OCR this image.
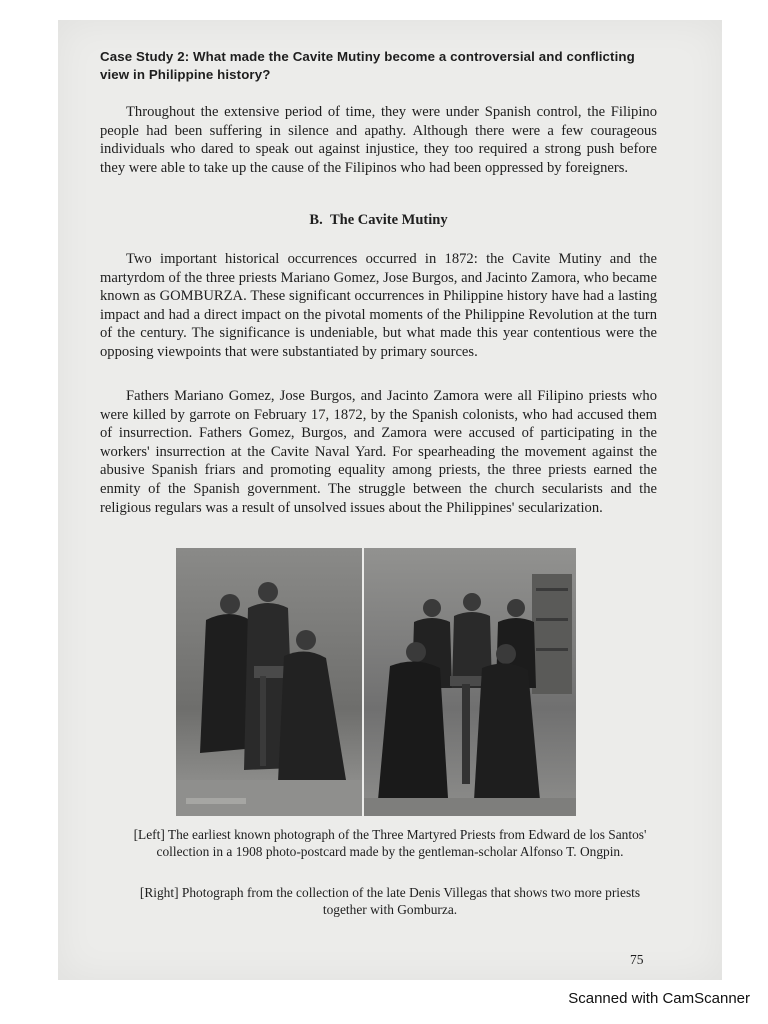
Case Study 2: What made the Cavite Mutiny become a controversial and conflicting view in Philippine history?

Throughout the extensive period of time, they were under Spanish control, the Filipino people had been suffering in silence and apathy. Although there were a few courageous individuals who dared to speak out against injustice, they too required a strong push before they were able to take up the cause of the Filipinos who had been oppressed by foreigners.

B.  The Cavite Mutiny

Two important historical occurrences occurred in 1872: the Cavite Mutiny and the martyrdom of the three priests Mariano Gomez, Jose Burgos, and Jacinto Zamora, who became known as GOMBURZA. These significant occurrences in Philippine history have had a lasting impact and had a direct impact on the pivotal moments of the Philippine Revolution at the turn of the century. The significance is undeniable, but what made this year contentious were the opposing viewpoints that were substantiated by primary sources.

Fathers Mariano Gomez, Jose Burgos, and Jacinto Zamora were all Filipino priests who were killed by garrote on February 17, 1872, by the Spanish colonists, who had accused them of insurrection. Fathers Gomez, Burgos, and Zamora were accused of participating in the workers' insurrection at the Cavite Naval Yard. For spearheading the movement against the abusive Spanish friars and promoting equality among priests, the three priests earned the enmity of the Spanish government. The struggle between the church secularists and the religious regulars was a result of unsolved issues about the Philippines' secularization.

[Left] The earliest known photograph of the Three Martyred Priests from Edward de los Santos' collection in a 1908 photo-postcard made by the gentleman-scholar Alfonso T. Ongpin.
[Right] Photograph from the collection of the late Denis Villegas that shows two more priests together with Gomburza.
75
Scanned with CamScanner
